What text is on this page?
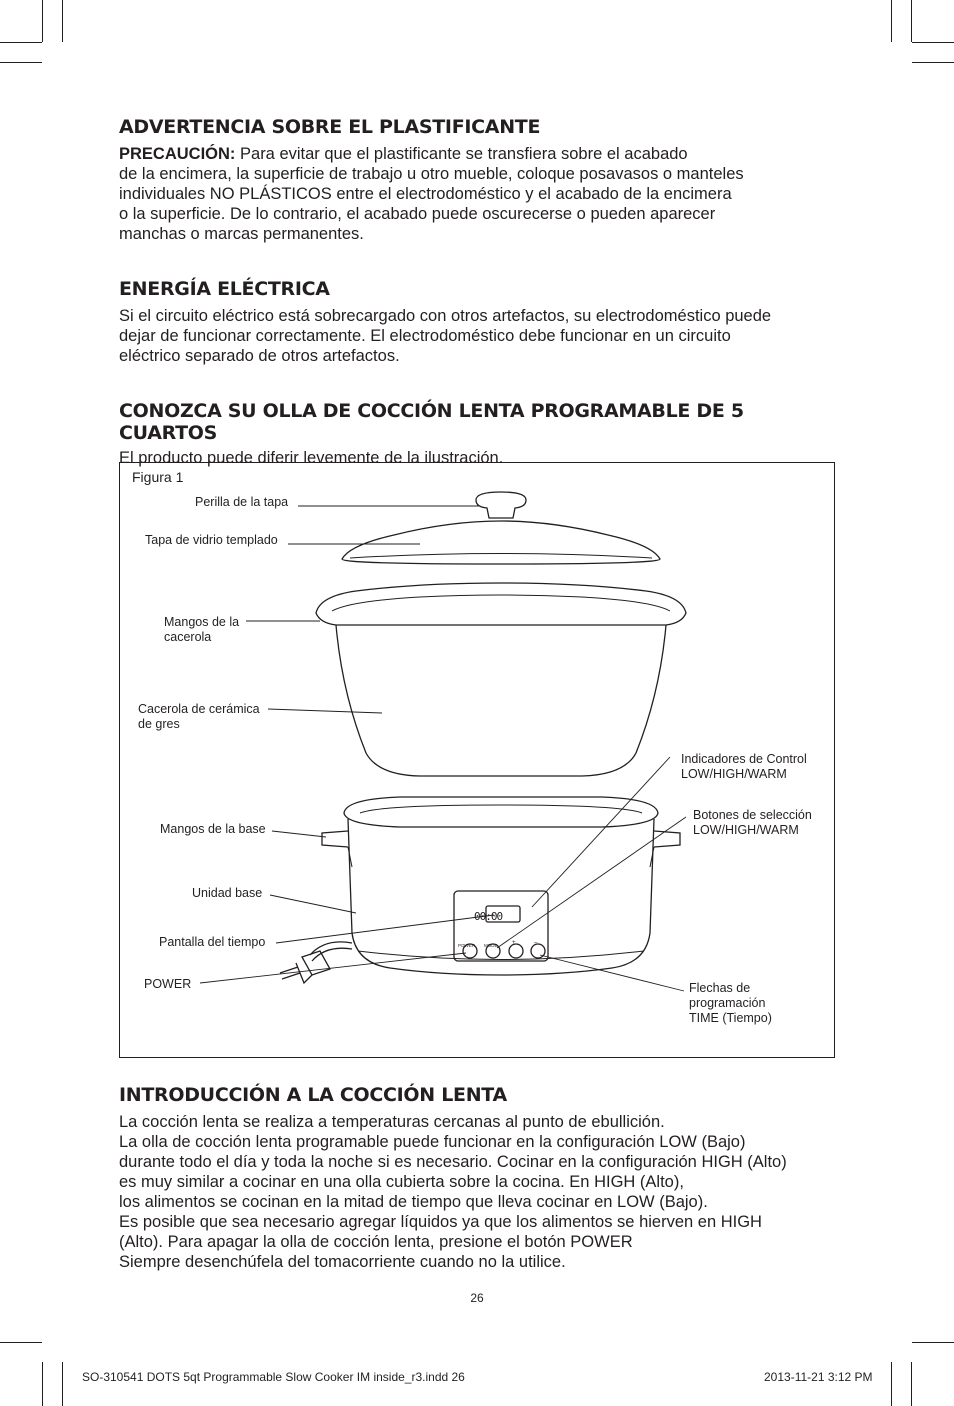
ADVERTENCIA SOBRE EL PLASTIFICANTE

PRECAUCIÓN: Para evitar que el plastificante se transfiera sobre el acabado
de la encimera, la superficie de trabajo u otro mueble, coloque posavasos o manteles
individuales NO PLÁSTICOS entre el electrodoméstico y el acabado de la encimera
o la superficie. De lo contrario, el acabado puede oscurecerse o pueden aparecer
manchas o marcas permanentes.

ENERGÍA ELÉCTRICA

Si el circuito eléctrico está sobrecargado con otros artefactos, su electrodoméstico puede
dejar de funcionar correctamente. El electrodoméstico debe funcionar en un circuito
eléctrico separado de otros artefactos.

CONOZCA SU OLLA DE COCCIÓN LENTA PROGRAMABLE DE 5 CUARTOS

El producto puede diferir levemente de la ilustración.

Figura 1
00:00
POWER MODE +	–
Perilla de la tapa
Tapa de vidrio templado
Mangos de la
cacerola
Cacerola de cerámica
de gres
Indicadores de Control
LOW/HIGH/WARM
Botones de selección
LOW/HIGH/WARM
Mangos de la base
Unidad base
Pantalla del tiempo
POWER	Flechas de
programación
TIME (Tiempo)
INTRODUCCIÓN A LA COCCIÓN LENTA

La cocción lenta se realiza a temperaturas cercanas al punto de ebullición.
La olla de cocción lenta programable puede funcionar en la configuración LOW (Bajo)
durante todo el día y toda la noche si es necesario. Cocinar en la configuración HIGH (Alto)
es muy similar a cocinar en una olla cubierta sobre la cocina. En HIGH (Alto),
los alimentos se cocinan en la mitad de tiempo que lleva cocinar en LOW (Bajo).
Es posible que sea necesario agregar líquidos ya que los alimentos se hierven en HIGH
(Alto). Para apagar la olla de cocción lenta, presione el botón POWER
Siempre desenchúfela del tomacorriente cuando no la utilice.

26
SO-310541 DOTS 5qt Programmable Slow Cooker IM inside_r3.indd 26	2013-11-21 3:12 PM
